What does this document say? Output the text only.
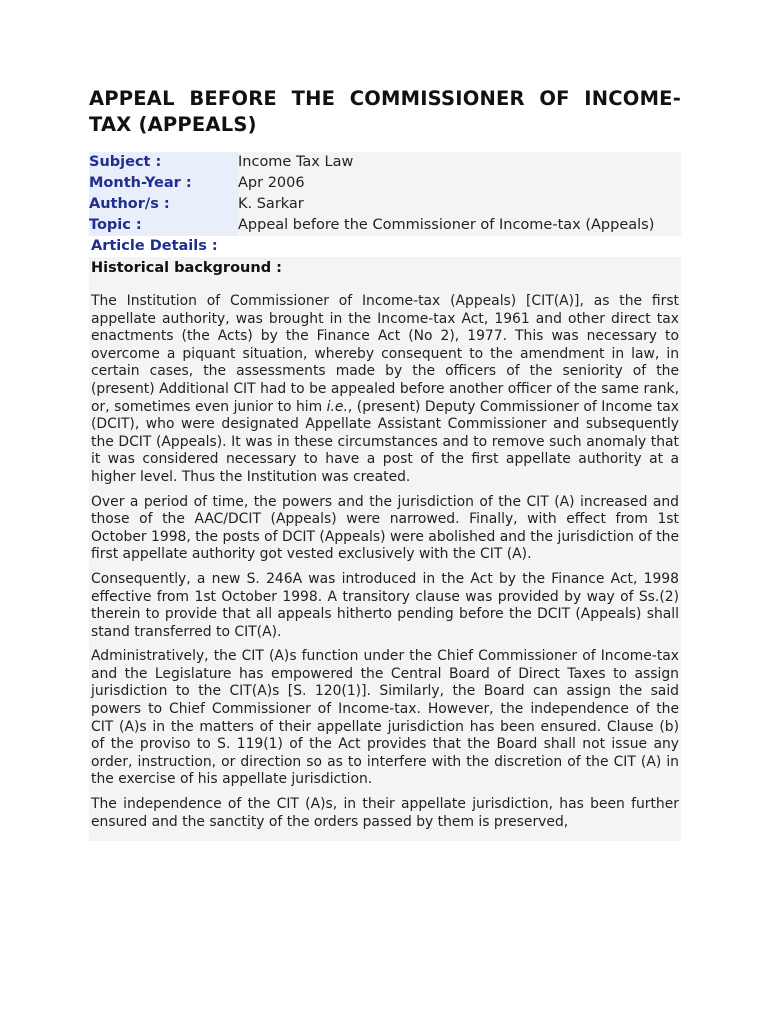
APPEAL BEFORE THE COMMISSIONER OF INCOME-TAX (APPEALS)
Subject :	Income Tax Law
Month-Year :	Apr 2006
Author/s :	K. Sarkar
Topic :	Appeal before the Commissioner of Income-tax (Appeals)
Article Details :
Historical background :

The Institution of Commissioner of Income-tax (Appeals) [CIT(A)], as the first appellate authority, was brought in the Income-tax Act, 1961 and other direct tax enactments (the Acts) by the Finance Act (No 2), 1977. This was necessary to overcome a piquant situation, whereby consequent to the amendment in law, in certain cases, the assessments made by the officers of the seniority of the (present) Additional CIT had to be appealed before another officer of the same rank, or, sometimes even junior to him i.e., (present) Deputy Commissioner of Income tax (DCIT), who were designated Appellate Assistant Commissioner and subsequently the DCIT (Appeals). It was in these circumstances and to remove such anomaly that it was considered necessary to have a post of the first appellate authority at a higher level. Thus the Institution was created.

Over a period of time, the powers and the jurisdiction of the CIT (A) increased and those of the AAC/DCIT (Appeals) were narrowed. Finally, with effect from 1st October 1998, the posts of DCIT (Appeals) were abolished and the jurisdiction of the first appellate authority got vested exclusively with the CIT (A).

Consequently, a new S. 246A was introduced in the Act by the Finance Act, 1998 effective from 1st October 1998. A transitory clause was provided by way of Ss.(2) therein to provide that all appeals hitherto pending before the DCIT (Appeals) shall stand transferred to CIT(A).

Administratively, the CIT (A)s function under the Chief Commissioner of Income-tax and the Legislature has empowered the Central Board of Direct Taxes to assign jurisdiction to the CIT(A)s [S. 120(1)]. Similarly, the Board can assign the said powers to Chief Commissioner of Income-tax. However, the independence of the CIT (A)s in the matters of their appellate jurisdiction has been ensured. Clause (b) of the proviso to S. 119(1) of the Act provides that the Board shall not issue any order, instruction, or direction so as to interfere with the discretion of the CIT (A) in the exercise of his appellate jurisdiction.

The independence of the CIT (A)s, in their appellate jurisdiction, has been further ensured and the sanctity of the orders passed by them is preserved,
